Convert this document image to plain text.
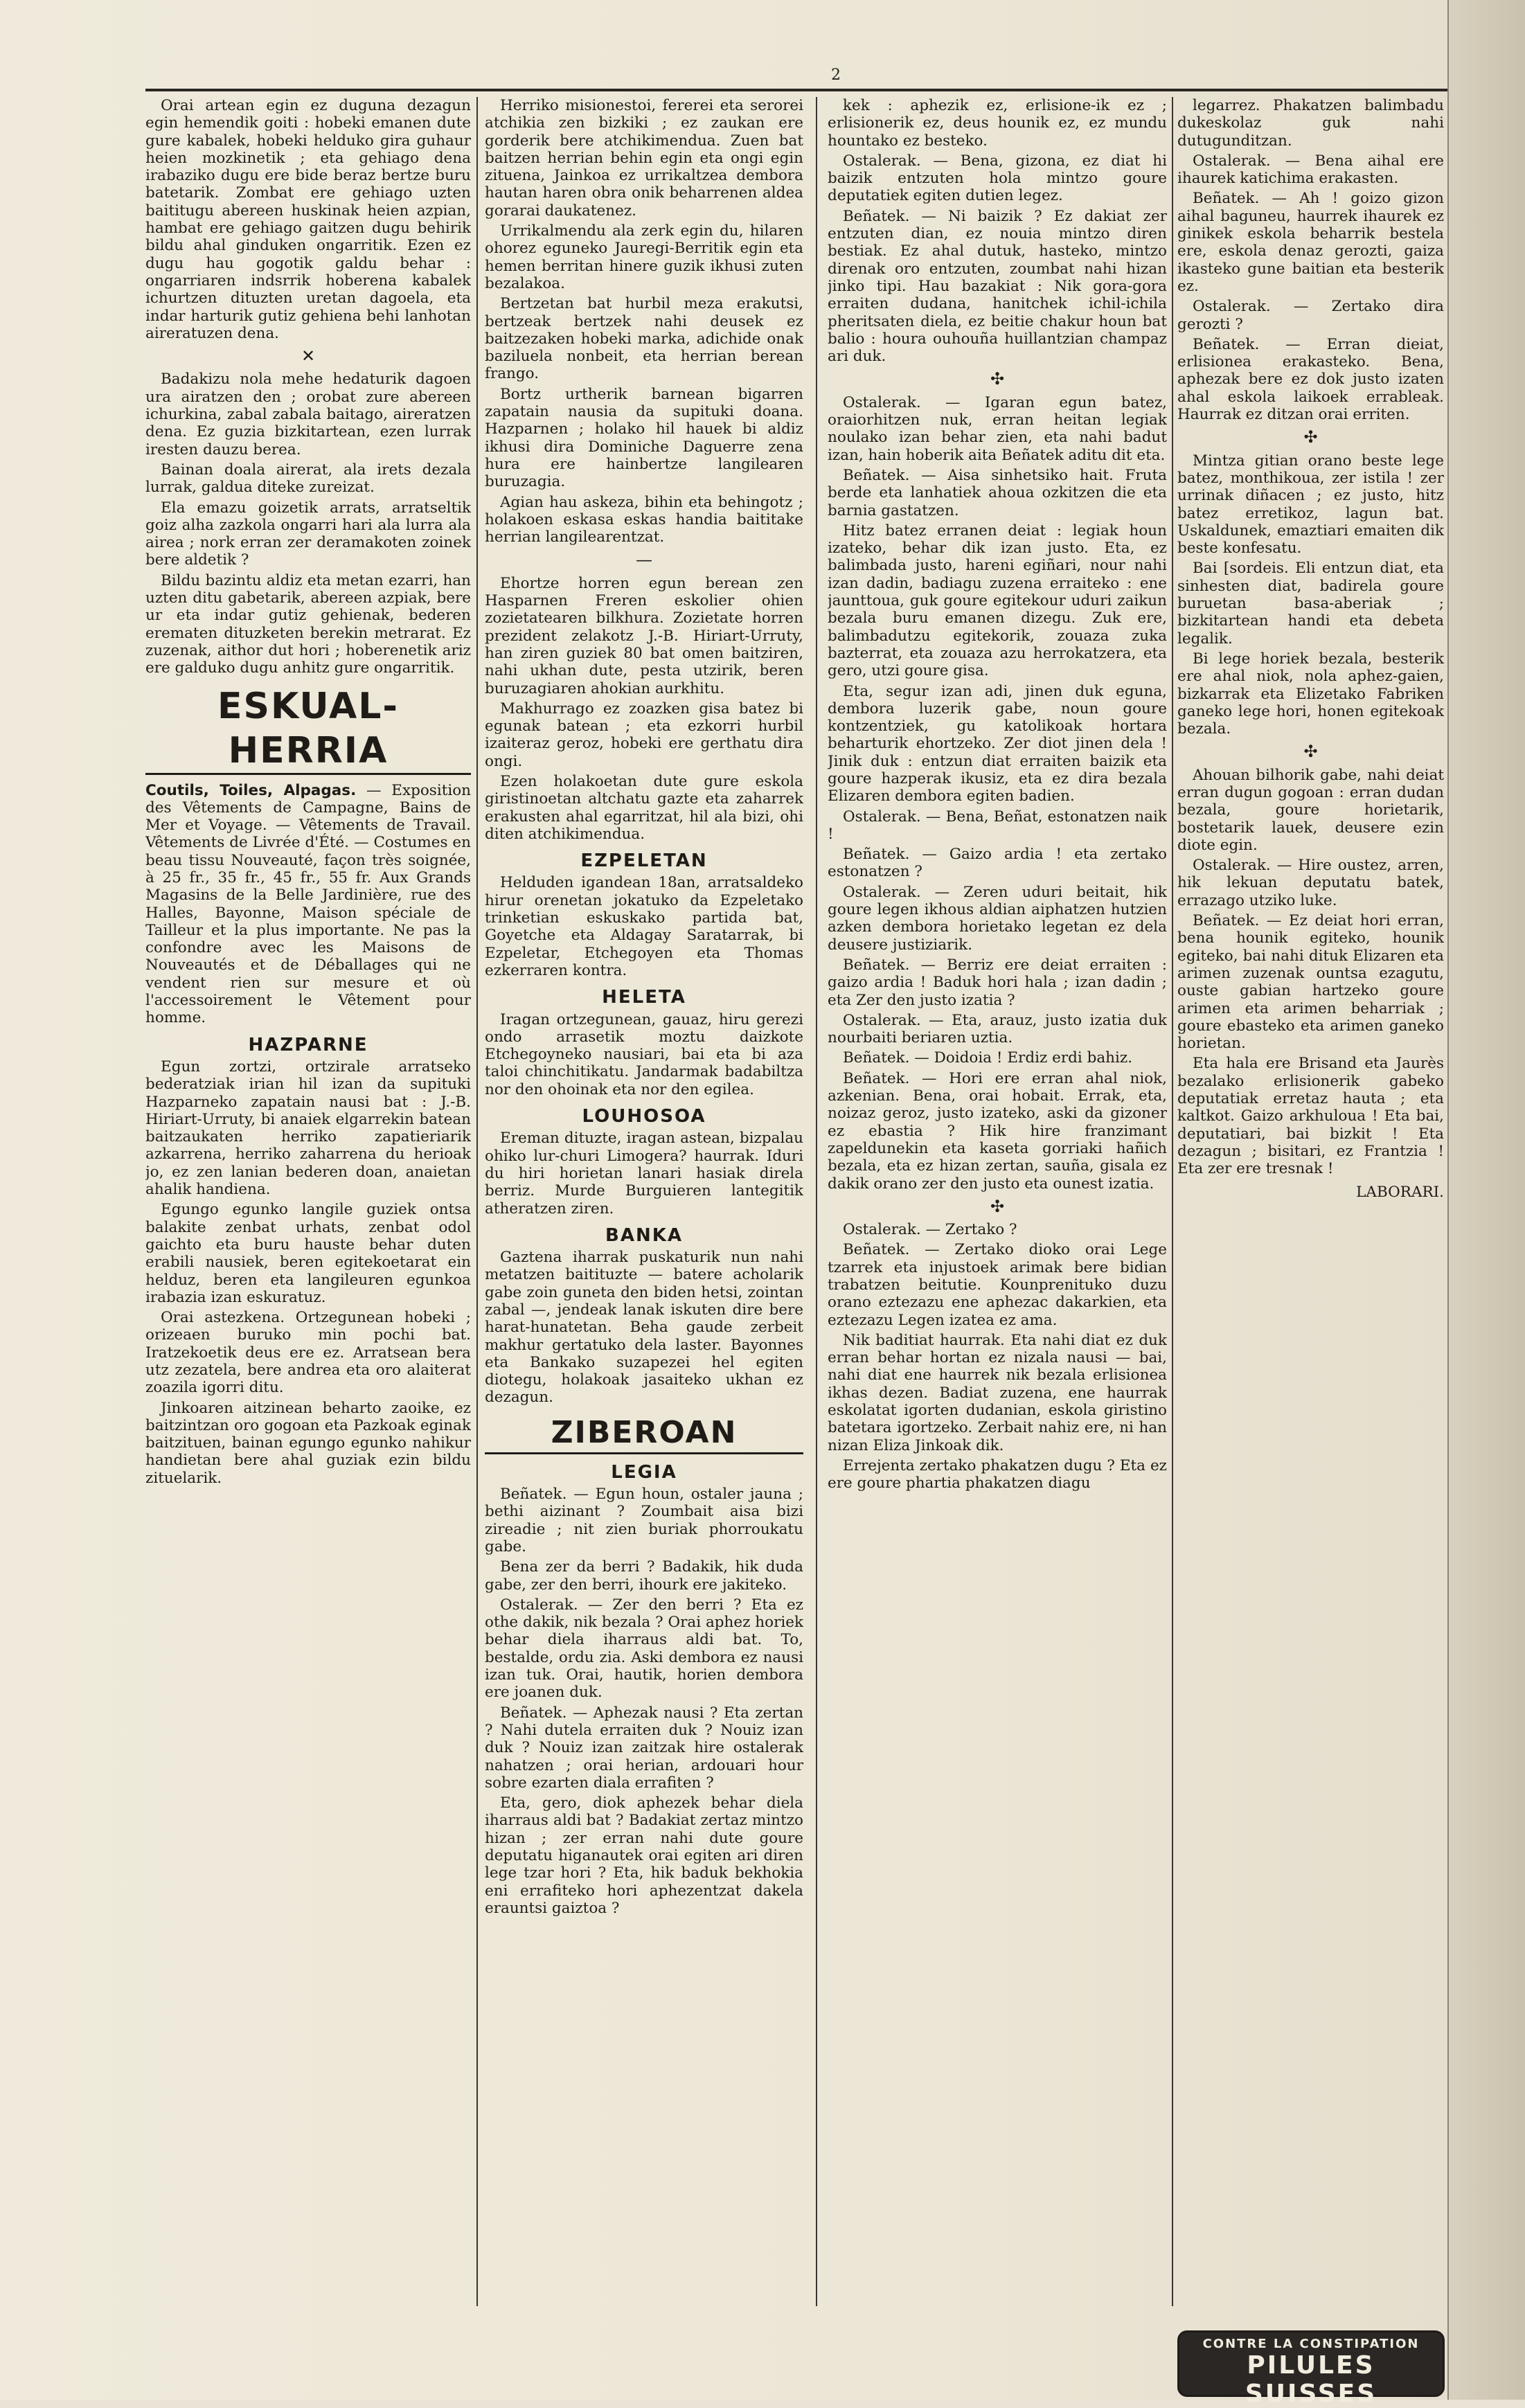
2

Orai artean egin ez duguna dezagun egin hemendik goiti : hobeki emanen dute gure kabalek, hobeki helduko gira guhaur heien mozkinetik ; eta gehiago dena irabaziko dugu ere bide beraz bertze buru batetarik. Zombat ere gehiago uzten baititugu abereen huskinak heien azpian, hambat ere gehiago gaitzen dugu behirik bildu ahal ginduken ongarritik. Ezen ez dugu hau gogotik galdu behar : ongarriaren indsrrik hoberena kabalek ichurtzen dituzten uretan dagoela, eta indar harturik gutiz gehiena behi lanhotan aireratuzen dena.

✕

Badakizu nola mehe hedaturik dagoen ura airatzen den ; orobat zure abereen ichurkina, zabal zabala baitago, aireratzen dena. Ez guzia bizkitartean, ezen lurrak iresten dauzu berea.

Bainan doala airerat, ala irets dezala lurrak, galdua diteke zureizat.

Ela emazu goizetik arrats, arratseltik goiz alha zazkola ongarri hari ala lurra ala airea ; nork erran zer deramakoten zoinek bere aldetik ?

Bildu bazintu aldiz eta metan ezarri, han uzten ditu gabetarik, abereen azpiak, bere ur eta indar gutiz gehienak, bederen erematen dituzketen berekin metrarat. Ez zuzenak, aithor dut hori ; hoberenetik ariz ere galduko dugu anhitz gure ongarritik.

ESKUAL-HERRIA
Coutils, Toiles, Alpagas. — Exposition des Vêtements de Campagne, Bains de Mer et Voyage. — Vêtements de Travail. Vêtements de Livrée d'Été. — Costumes en beau tissu Nouveauté, façon très soignée, à 25 fr., 35 fr., 45 fr., 55 fr. Aux Grands Magasins de la Belle Jardinière, rue des Halles, Bayonne, Maison spéciale de Tailleur et la plus importante. Ne pas la confondre avec les Maisons de Nouveautés et de Déballages qui ne vendent rien sur mesure et où l'accessoirement le Vêtement pour homme.
HAZPARNE

Egun zortzi, ortzirale arratseko bederatziak irian hil izan da supituki Hazparneko zapatain nausi bat : J.-B. Hiriart-Urruty, bi anaiek elgarrekin batean baitzaukaten herriko zapatieriarik azkarrena, herriko zaharrena du herioak jo, ez zen lanian bederen doan, anaietan ahalik handiena.

Egungo egunko langile guziek ontsa balakite zenbat urhats, zenbat odol gaichto eta buru hauste behar duten erabili nausiek, beren egitekoetarat ein helduz, beren eta langileuren egunkoa irabazia izan eskuratuz.

Orai astezkena. Ortzegunean hobeki ; orizeaen buruko min pochi bat. Iratzekoetik deus ere ez. Arratsean bera utz zezatela, bere andrea eta oro alaiterat zoazila igorri ditu.

Jinkoaren aitzinean beharto zaoike, ez baitzintzan oro gogoan eta Pazkoak eginak baitzituen, bainan egungo egunko nahikur handietan bere ahal guziak ezin bildu zituelarik.

Herriko misionestoi, fererei eta serorei atchikia zen bizkiki ; ez zaukan ere gorderik bere atchikimendua. Zuen bat baitzen herrian behin egin eta ongi egin zituena, Jainkoa ez urrikaltzea dembora hautan haren obra onik beharrenen aldea gorarai daukatenez.

Urrikalmendu ala zerk egin du, hilaren ohorez eguneko Jauregi-Berritik egin eta hemen berritan hinere guzik ikhusi zuten bezalakoa.

Bertzetan bat hurbil meza erakutsi, bertzeak bertzek nahi deusek ez baitzezaken hobeki marka, adichide onak baziluela nonbeit, eta herrian berean frango.

Bortz urtherik barnean bigarren zapatain nausia da supituki doana. Hazparnen ; holako hil hauek bi aldiz ikhusi dira Dominiche Daguerre zena hura ere hainbertze langilearen buruzagia.

Agian hau askeza, bihin eta behingotz ; holakoen eskasa eskas handia baititake herrian langilearentzat.

—

Ehortze horren egun berean zen Hasparnen Freren eskolier ohien zozietatearen bilkhura. Zozietate horren prezident zelakotz J.-B. Hiriart-Urruty, han ziren guziek 80 bat omen baitziren, nahi ukhan dute, pesta utzirik, beren buruzagiaren ahokian aurkhitu.

Makhurrago ez zoazken gisa batez bi egunak batean ; eta ezkorri hurbil izaiteraz geroz, hobeki ere gerthatu dira ongi.

Ezen holakoetan dute gure eskola giristinoetan altchatu gazte eta zaharrek erakusten ahal egarritzat, hil ala bizi, ohi diten atchikimendua.

EZPELETAN

Helduden igandean 18an, arratsaldeko hirur orenetan jokatuko da Ezpeletako trinketian eskuskako partida bat, Goyetche eta Aldagay Saratarrak, bi Ezpeletar, Etchegoyen eta Thomas ezkerraren kontra.

HELETA

Iragan ortzegunean, gauaz, hiru gerezi ondo arrasetik moztu daizkote Etchegoyneko nausiari, bai eta bi aza taloi chinchitikatu. Jandarmak badabiltza nor den ohoinak eta nor den egilea.

LOUHOSOA

Ereman dituzte, iragan astean, bizpalau ohiko lur-churi Limogera? haurrak. Iduri du hiri horietan lanari hasiak direla berriz. Murde Burguieren lantegitik atheratzen ziren.

BANKA

Gaztena iharrak puskaturik nun nahi metatzen baitituzte — batere acholarik gabe zoin guneta den biden hetsi, zointan zabal —, jendeak lanak iskuten dire bere harat-hunatetan. Beha gaude zerbeit makhur gertatuko dela laster. Bayonnes eta Bankako suzapezei hel egiten diotegu, holakoak jasaiteko ukhan ez dezagun.

ZIBEROAN
LEGIA

Beñatek. — Egun houn, ostaler jauna ; bethi aizinant ? Zoumbait aisa bizi zireadie ; nit zien buriak phorroukatu gabe.

Bena zer da berri ? Badakik, hik duda gabe, zer den berri, ihourk ere jakiteko.

Ostalerak. — Zer den berri ? Eta ez othe dakik, nik bezala ? Orai aphez horiek behar diela iharraus aldi bat. To, bestalde, ordu zia. Aski dembora ez nausi izan tuk. Orai, hautik, horien dembora ere joanen duk.

Beñatek. — Aphezak nausi ? Eta zertan ? Nahi dutela erraiten duk ? Nouiz izan duk ? Nouiz izan zaitzak hire ostalerak nahatzen ; orai herian, ardouari hour sobre ezarten diala errafiten ?

Eta, gero, diok aphezek behar diela iharraus aldi bat ? Badakiat zertaz mintzo hizan ; zer erran nahi dute goure deputatu higanautek orai egiten ari diren lege tzar hori ? Eta, hik baduk bekhokia eni errafiteko hori aphezentzat dakela erauntsi gaiztoa ?

kek : aphezik ez, erlisione-ik ez ; erlisionerik ez, deus hounik ez, ez mundu hountako ez besteko.

Ostalerak. — Bena, gizona, ez diat hi baizik entzuten hola mintzo goure deputatiek egiten dutien legez.

Beñatek. — Ni baizik ? Ez dakiat zer entzuten dian, ez nouia mintzo diren bestiak. Ez ahal dutuk, hasteko, mintzo direnak oro entzuten, zoumbat nahi hizan jinko tipi. Hau bazakiat : Nik gora-gora erraiten dudana, hanitchek ichil-ichila pheritsaten diela, ez beitie chakur houn bat balio : houra ouhouña huillantzian champaz ari duk.

✣

Ostalerak. — Igaran egun batez, oraiorhitzen nuk, erran heitan legiak noulako izan behar zien, eta nahi badut izan, hain hoberik aita Beñatek aditu dit eta.

Beñatek. — Aisa sinhetsiko hait. Fruta berde eta lanhatiek ahoua ozkitzen die eta barnia gastatzen.

Hitz batez erranen deiat : legiak houn izateko, behar dik izan justo. Eta, ez balimbada justo, hareni egiñari, nour nahi izan dadin, badiagu zuzena erraiteko : ene jaunttoua, guk goure egitekour uduri zaikun bezala buru emanen dizegu. Zuk ere, balimbadutzu egitekorik, zouaza zuka bazterrat, eta zouaza azu herrokatzera, eta gero, utzi goure gisa.

Eta, segur izan adi, jinen duk eguna, dembora luzerik gabe, noun goure kontzentziek, gu katolikoak hortara beharturik ehortzeko. Zer diot jinen dela ! Jinik duk : entzun diat erraiten baizik eta goure hazperak ikusiz, eta ez dira bezala Elizaren dembora egiten badien.

Ostalerak. — Bena, Beñat, estonatzen naik !

Beñatek. — Gaizo ardia ! eta zertako estonatzen ?

Ostalerak. — Zeren uduri beitait, hik goure legen ikhous aldian aiphatzen hutzien azken dembora horietako legetan ez dela deusere justiziarik.

Beñatek. — Berriz ere deiat erraiten : gaizo ardia ! Baduk hori hala ; izan dadin ; eta Zer den justo izatia ?

Ostalerak. — Eta, arauz, justo izatia duk nourbaiti beriaren uztia.

Beñatek. — Doidoia ! Erdiz erdi bahiz.

Beñatek. — Hori ere erran ahal niok, azkenian. Bena, orai hobait. Errak, eta, noizaz geroz, justo izateko, aski da gizoner ez ebastia ? Hik hire franzimant zapeldunekin eta kaseta gorriaki hañich bezala, eta ez hizan zertan, sauña, gisala ez dakik orano zer den justo eta ounest izatia.

✣

Ostalerak. — Zertako ?

Beñatek. — Zertako dioko orai Lege tzarrek eta injustoek arimak bere bidian trabatzen beitutie. Kounprenituko duzu orano eztezazu ene aphezac dakarkien, eta eztezazu Legen izatea ez ama.

Nik baditiat haurrak. Eta nahi diat ez duk erran behar hortan ez nizala nausi — bai, nahi diat ene haurrek nik bezala erlisionea ikhas dezen. Badiat zuzena, ene haurrak eskolatat igorten dudanian, eskola giristino batetara igortzeko. Zerbait nahiz ere, ni han nizan Eliza Jinkoak dik.

Errejenta zertako phakatzen dugu ? Eta ez ere goure phartia phakatzen diagu

legarrez. Phakatzen balimbadu dukeskolaz guk nahi dutugunditzan.

Ostalerak. — Bena aihal ere ihaurek katichima erakasten.

Beñatek. — Ah ! goizo gizon aihal baguneu, haurrek ihaurek ez ginikek eskola beharrik bestela ere, eskola denaz gerozti, gaiza ikasteko gune baitian eta besterik ez.

Ostalerak. — Zertako dira gerozti ?

Beñatek. — Erran dieiat, erlisionea erakasteko. Bena, aphezak bere ez dok justo izaten ahal eskola laikoek errableak. Haurrak ez ditzan orai erriten.

✣

Mintza gitian orano beste lege batez, monthikoua, zer istila ! zer urrinak diñacen ; ez justo, hitz batez erretikoz, lagun bat. Uskaldunek, emaztiari emaiten dik beste konfesatu.

Bai [sordeis. Eli entzun diat, eta sinhesten diat, badirela goure buruetan basa-aberiak ; bizkitartean handi eta debeta legalik.

Bi lege horiek bezala, besterik ere ahal niok, nola aphez-gaien, bizkarrak eta Elizetako Fabriken ganeko lege hori, honen egitekoak bezala.

✣

Ahouan bilhorik gabe, nahi deiat erran dugun gogoan : erran dudan bezala, goure horietarik, bostetarik lauek, deusere ezin diote egin.

Ostalerak. — Hire oustez, arren, hik lekuan deputatu batek, errazago utziko luke.

Beñatek. — Ez deiat hori erran, bena hounik egiteko, hounik egiteko, bai nahi dituk Elizaren eta arimen zuzenak ountsa ezagutu, ouste gabian hartzeko goure arimen eta arimen beharriak ; goure ebasteko eta arimen ganeko horietan.

Eta hala ere Brisand eta Jaurès bezalako erlisionerik gabeko deputatiak erretaz hauta ; eta kaltkot. Gaizo arkhuloua ! Eta bai, deputatiari, bai bizkit ! Eta dezagun ; bisitari, ez Frantzia ! Eta zer ere tresnak !

LABORARI.
CONTRE LA CONSTIPATION
PILULES SUISSES
